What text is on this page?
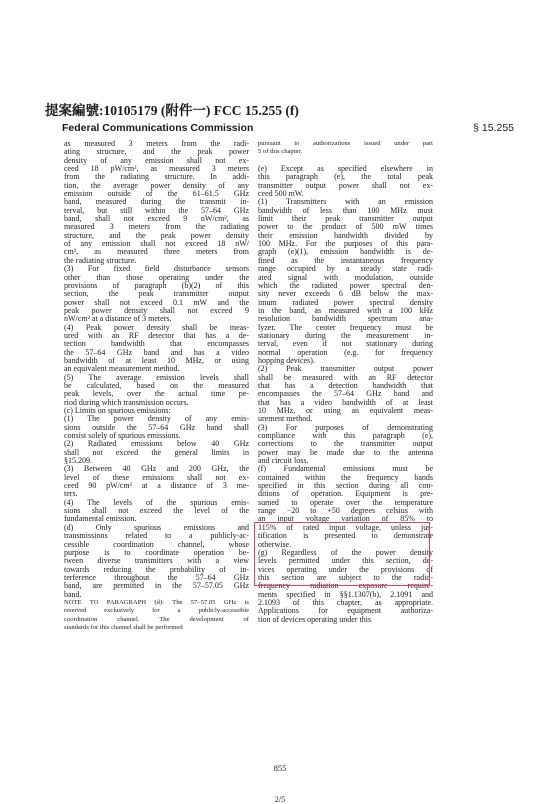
提案編號:10105179 (附件一) FCC 15.255 (f)
Federal Communications Commission	§ 15.255
as measured 3 meters from the radi-
ating structure, and the peak power
density of any emission shall not ex-
ceed 18 pW/cm², as measured 3 meters
from the radiating structure. In addi-
tion, the average power density of any
emission outside of the 61–61.5 GHz
band, measured during the transmit in-
terval, but still within the 57–64 GHz
band, shall not exceed 9 nW/cm², as
measured 3 meters from the radiating
structure, and the peak power density
of any emission shall not exceed 18 nW/
cm², as measured three meters from
the radiating structure.
(3) For fixed field disturbance sensors
other than those operating under the
provisions of paragraph (b)(2) of this
section, the peak transmitter output
power shall not exceed 0.1 mW and the
peak power density shall not exceed 9
nW/cm² at a distance of 3 meters.
(4) Peak power density shall be meas-
ured with an RF detector that has a de-
tection bandwidth that encompasses
the 57–64 GHz band and has a video
bandwidth of at least 10 MHz, or using
an equivalent measurement method.
(5) The average emission levels shall
be calculated, based on the measured
peak levels, over the actual time pe-
riod during which transmission occurs.
(c) Limits on spurious emissions:
(1) The power density of any emis-
sions outside the 57–64 GHz band shall
consist solely of spurious emissions.
(2) Radiated emissions below 40 GHz
shall not exceed the general limits in
§15.209.
(3) Between 40 GHz and 200 GHz, the
level of these emissions shall not ex-
ceed 90 pW/cm² at a distance of 3 me-
ters.
(4) The levels of the spurious emis-
sions shall not exceed the level of the
fundamental emission.
(d) Only spurious emissions and
transmissions related to a publicly-ac-
cessible coordination channel, whose
purpose is to coordinate operation be-
tween diverse transmitters with a view
towards reducing the probability of in-
terference throughout the 57–64 GHz
band, are permitted in the 57–57.05 GHz
band.
NOTE TO PARAGRAPH (d): The 57–57.05 GHz is
reserved exclusively for a publicly-accessible
coordination channel. The development of
standards for this channel shall be performed
pursuant to authorizations issued under part
5 of this chapter.
(e) Except as specified elsewhere in
this paragraph (e), the total peak
transmitter output power shall not ex-
ceed 500 mW.
(1) Transmitters with an emission
bandwidth of less than 100 MHz must
limit their peak transmitter output
power to the product of 500 mW times
their emission bandwidth divided by
100 MHz. For the purposes of this para-
graph (e)(1), emission bandwidth is de-
fined as the instantaneous frequency
range occupied by a steady state radi-
ated signal with modulation, outside
which the radiated power spectral den-
sity never exceeds 6 dB below the max-
imum radiated power spectral density
in the band, as measured with a 100 kHz
resolution bandwidth spectrum ana-
lyzer. The center frequency must be
stationary during the measurement in-
terval, even if not stationary during
normal operation (e.g. for frequency
hopping devices).
(2) Peak transmitter output power
shall be measured with an RF detector
that has a detection bandwidth that
encompasses the 57–64 GHz band and
that has a video bandwidth of at least
10 MHz, or using an equivalent meas-
urement method.
(3) For purposes of demonstrating
compliance with this paragraph (e),
corrections to the transmitter output
power may be made due to the antenna
and circuit loss.
(f) Fundamental emissions must be
contained within the frequency bands
specified in this section during all con-
ditions of operation. Equipment is pre-
sumed to operate over the temperature
range −20 to +50 degrees celsius with
an input voltage variation of 85% to
115% of rated input voltage, unless jus-
tification is presented to demonstrate
otherwise.
(g) Regardless of the power density
levels permitted under this section, de-
vices operating under the provisions of
this section are subject to the radio-
frequency radiation exposure require-
ments specified in §§1.1307(b), 2.1091 and
2.1093 of this chapter, as appropriate.
Applications for equipment authoriza-
tion of devices operating under this
855
2/5
